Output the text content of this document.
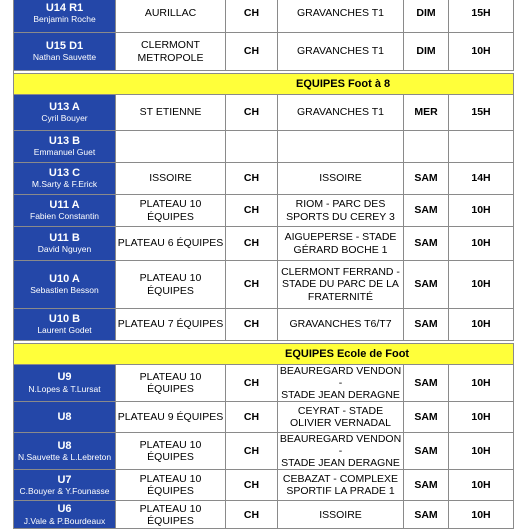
U14 R1
Benjamin Roche	AURILLAC	CH	GRAVANCHES T1	DIM	15H

U15 D1
Nathan Sauvette	CLERMONT
METROPOLE	CH	GRAVANCHES T1	DIM	10H

EQUIPES Foot à 8					

U13 A
Cyril Bouyer	ST ETIENNE	CH	GRAVANCHES T1	MER	15H

U13 B
Emmanuel Guet					

U13 C
M.Sarty & F.Erick	ISSOIRE	CH	ISSOIRE	SAM	14H

U11 A
Fabien Constantin	PLATEAU 10 ÉQUIPES	CH	RIOM - PARC DES
SPORTS DU CEREY 3	SAM	10H

U11 B
David Nguyen	PLATEAU 6 ÉQUIPES	CH	AIGUEPERSE - STADE
GÉRARD BOCHE 1	SAM	10H

U10 A
Sebastien Besson	PLATEAU 10 ÉQUIPES	CH	CLERMONT FERRAND -
STADE DU PARC DE LA
FRATERNITÉ	SAM	10H

U10 B
Laurent Godet	PLATEAU 7 ÉQUIPES	CH	GRAVANCHES T6/T7	SAM	10H

EQUIPES Ecole de Foot					

U9
N.Lopes & T.Lursat	PLATEAU 10 ÉQUIPES	CH	BEAUREGARD VENDON -
STADE JEAN DERAGNE	SAM	10H

U8	PLATEAU 9 ÉQUIPES	CH	CEYRAT - STADE
OLIVIER VERNADAL	SAM	10H

U8
N.Sauvette & L.Lebreton	PLATEAU 10 ÉQUIPES	CH	BEAUREGARD VENDON -
STADE JEAN DERAGNE	SAM	10H

U7
C.Bouyer & Y.Founasse	PLATEAU 10 ÉQUIPES	CH	CEBAZAT - COMPLEXE
SPORTIF LA PRADE 1	SAM	10H

U6
J.Vale & P.Bourdeaux	PLATEAU 10 ÉQUIPES	CH	ISSOIRE	SAM	10H
